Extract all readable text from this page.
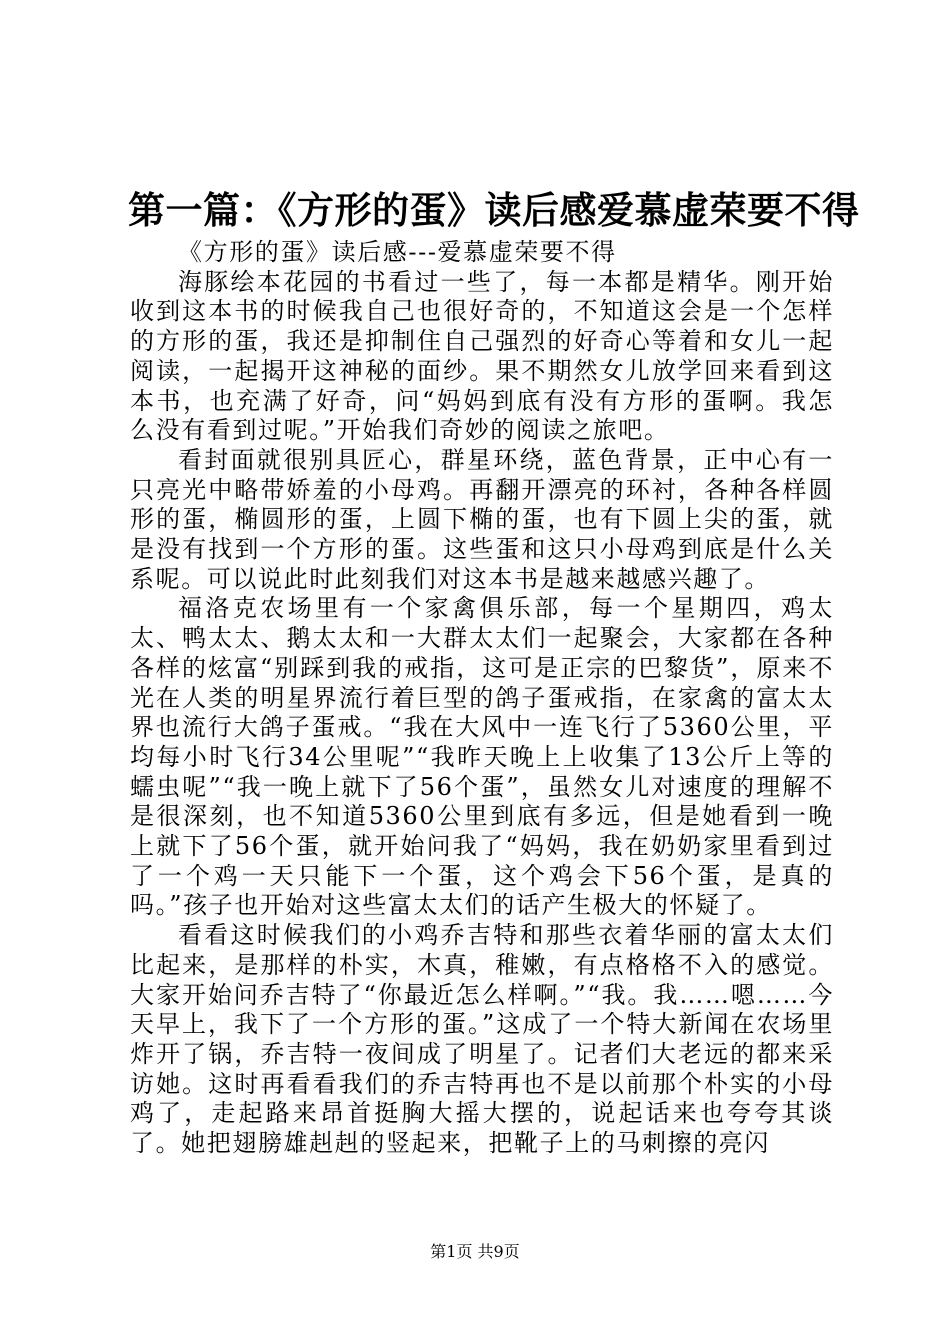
第一篇：《方形的蛋》读后感爱慕虚荣要不得

《方形的蛋》读后感---爱慕虚荣要不得

海豚绘本花园的书看过一些了，每一本都是精华。刚开始收到这本书的时候我自己也很好奇的，不知道这会是一个怎样的方形的蛋，我还是抑制住自己强烈的好奇心等着和女儿一起阅读，一起揭开这神秘的面纱。果不期然女儿放学回来看到这本书，也充满了好奇，问“妈妈到底有没有方形的蛋啊。我怎么没有看到过呢。”开始我们奇妙的阅读之旅吧。

看封面就很别具匠心，群星环绕，蓝色背景，正中心有一只亮光中略带娇羞的小母鸡。再翻开漂亮的环衬，各种各样圆形的蛋，椭圆形的蛋，上圆下椭的蛋，也有下圆上尖的蛋，就是没有找到一个方形的蛋。这些蛋和这只小母鸡到底是什么关系呢。可以说此时此刻我们对这本书是越来越感兴趣了。

福洛克农场里有一个家禽俱乐部，每一个星期四，鸡太太、鸭太太、鹅太太和一大群太太们一起聚会，大家都在各种各样的炫富“别踩到我的戒指，这可是正宗的巴黎货”，原来不光在人类的明星界流行着巨型的鸽子蛋戒指，在家禽的富太太界也流行大鸽子蛋戒。“我在大风中一连飞行了5360公里，平均每小时飞行34公里呢”“我昨天晚上上收集了13公斤上等的蠕虫呢”“我一晚上就下了56个蛋”，虽然女儿对速度的理解不是很深刻，也不知道5360公里到底有多远，但是她看到一晚上就下了56个蛋，就开始问我了“妈妈，我在奶奶家里看到过了一个鸡一天只能下一个蛋，这个鸡会下56个蛋，是真的吗。”孩子也开始对这些富太太们的话产生极大的怀疑了。

看看这时候我们的小鸡乔吉特和那些衣着华丽的富太太们比起来，是那样的朴实，木真，稚嫩，有点格格不入的感觉。大家开始问乔吉特了“你最近怎么样啊。”“我。我……嗯……今天早上，我下了一个方形的蛋。”这成了一个特大新闻在农场里炸开了锅，乔吉特一夜间成了明星了。记者们大老远的都来采访她。这时再看看我们的乔吉特再也不是以前那个朴实的小母鸡了，走起路来昂首挺胸大摇大摆的，说起话来也夸夸其谈了。她把翅膀雄赳赳的竖起来，把靴子上的马刺擦的亮闪

第1页 共9页
